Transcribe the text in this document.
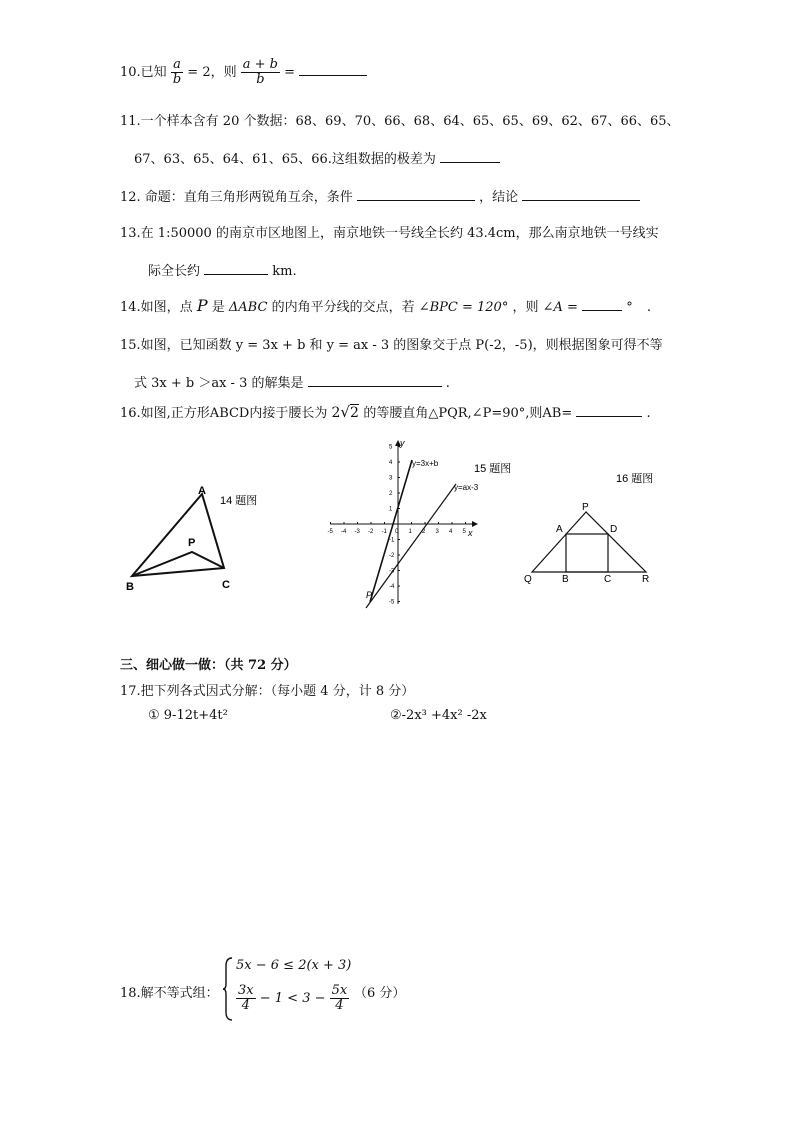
10.已知 $\frac{a}{b} = 2$，则 $\frac{a + b}{b}$ =
11.一个样本含有 20 个数据：68、69、70、66、68、64、65、65、69、62、67、66、65、
67、63、65、64、61、65、66.这组数据的极差为
12. 命题：直角三角形两锐角互余，条件	，结论
13.在 1:50000 的南京市区地图上，南京地铁一号线全长约 43.4cm，那么南京地铁一号线实
际全长约	km.
14.如图，点 P 是 ΔABC 的内角平分线的交点，若 ∠BPC = 120° ，则 ∠A =	° .
15.如图，已知函数 y = 3x + b 和 y = ax - 3 的图象交于点 P(-2，-5)，则根据图象可得不等
式 3x + b ＞ax - 3 的解集是	.
16.如图,正方形ABCD内接于腰长为 2√2 的等腰直角△PQR,∠P=90°,则AB=	.
A
B	C
P
14 题图
-5 -4 -3 -2 -1 0 1 2 3 4 5
5
4
3
2
1
-1
-2
-3
-4
-5
x
y
y=3x+b
y=ax-3
P
15 题图
P
A	D
Q	B	C	R
16 题图
三、细心做一做：（共 72 分）
17.把下列各式因式分解：（每小题 4 分，计 8 分）
① 9-12t+4t²	②-2x³ +4x² -2x
18.解不等式组：
5x − 6 ≤ 2(x + 3)
$\frac{3x}{4} - 1 < 3 - \frac{5x}{4} (6$ 分）
